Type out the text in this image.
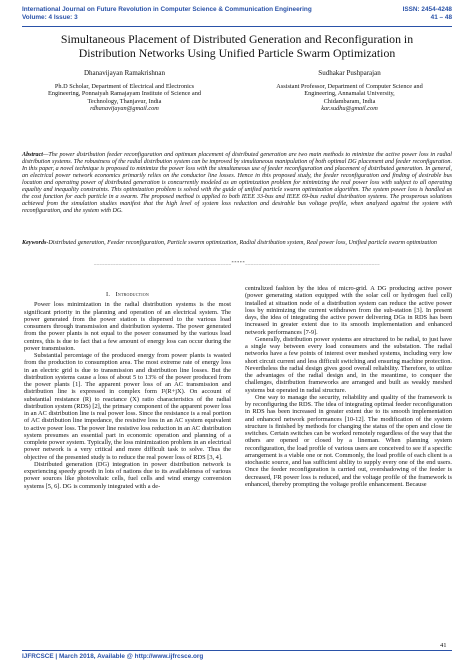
International Journal on Future Revolution in Computer Science & Communication Engineering
Volume: 4 Issue: 3
ISSN: 2454-4248
41 – 48
Simultaneous Placement of Distributed Generation and Reconfiguration in
Distribution Networks Using Unified Particle Swarm Optimization
Dhanavijayan Ramakrishnan
Ph.D Scholar, Department of Electrical and Electronics
Engineering, Ponnaiyah Ramajayam Institute of Science and
Technology, Thanjavur, India
rdhanavijayan@gmail.com
Sudhakar Pushparajan
Assistant Professor, Department of Computer Science and
Engineering, Annamalai University,
Chidambaram, India
kar.sudhu@gmail.com
Abstract—The power distribution feeder reconfiguration and optimum placement of distributed generation are two main methods to minimize the active power loss in radial distribution systems. The robustness of the radial distribution system can be improved by simultaneous manipulation of both optimal DG placement and feeder reconfiguration. In this paper, a novel technique is proposed to minimize the power loss with the simultaneous use of feeder reconfiguration and placement of distributed generation. In general, an electrical power network economics primarily relies on the conductor line losses. Hence in this proposed study, the feeder reconfiguration and finding of desirable bus location and operating power of distributed generation is concurrently modeled as an optimization problem for minimizing the real power loss with subject to all operating equality and inequality constraints. This optimization problem is solved with the guide of unified particle swarm optimization algorithm. The system power loss is handled as the cost function for each particle in a swarm. The proposed method is applied to both IEEE 33-bus and IEEE 69-bus radial distribution systems. The prosperous solutions achieved from the simulation studies manifest that the high level of system loss reduction and desirable bus voltage profile, when analyzed against the system with reconfiguration, and the system with DG.
Keywords-Distributed generation, Feeder reconfiguration, Particle swarm optimization, Radial distribution system, Real power loss, Unified particle swarm optimization
__________________________________________________*****_________________________________________________
I. Introduction

Power loss minimization in the radial distribution systems is the most significant priority in the planning and operation of an electrical system. The power generated from the power station is dispersed to the various load consumers through transmission and distribution systems. The power generated from the power plants is not equal to the power consumed by the various load centres, this is due to fact that a few amount of energy loss can occur during the power transmission.

Substantial percentage of the produced energy from power plants is wasted from the production to consumption area. The most extreme rate of energy loss in an electric grid is due to transmission and distribution line losses. But the distribution systems cause a loss of about 5 to 13% of the power produced from the power plants [1]. The apparent power loss of an AC transmission and distribution line is expressed in complex form I²(R+jX). On account of substantial resistance (R) to reactance (X) ratio characteristics of the radial distribution system (RDS) [2], the primary component of the apparent power loss in an AC distribution line is real power loss. Since the resistance is a real portion of AC distribution line impedance, the resistive loss in an AC system equivalent to active power loss. The power line resistive loss reduction in an AC distribution system presumes an essential part in economic operation and planning of a complete power system. Typically, the loss minimization problem in an electrical power network is a very critical and more difficult task to solve. Thus the objective of the presented study is to reduce the real power loss of RDS [3, 4].

Distributed generation (DG) integration in power distribution network is experiencing speedy growth in lots of nations due to its availableness of various power sources like photovoltaic cells, fuel cells and wind energy conversion systems [5, 6]. DG is commonly integrated with a de-

centralized fashion by the idea of micro-grid. A DG producing active power (power generating station equipped with the solar cell or hydrogen fuel cell) installed at situation node of a distribution system can reduce the active power loss by minimizing the current withdrawn from the sub-station [3]. In present days, the idea of integrating the active power delivering DGs in RDS has been increased in greater extent due to its smooth implementation and enhanced network performances [7-9].

Generally, distribution power systems are structured to be radial, to just have a single way between every load consumers and the substation. The radial networks have a few points of interest over meshed systems, including very low short circuit current and less difficult switching and ensuring machine protection. Nevertheless the radial design gives good overall reliability. Therefore, to utilize the advantages of the radial design and, in the meantime, to conquer the challenges, distribution frameworks are arranged and built as weakly meshed systems but operated in radial structure.

One way to manage the security, reliability and quality of the framework is by reconfiguring the RDS. The idea of integrating optimal feeder reconfiguration in RDS has been increased in greater extent due to its smooth implementation and enhanced network performances [10-12]. The modification of the system structure is finished by methods for changing the status of the open and close tie switches. Certain switches can be worked remotely regardless of the way that the others are opened or closed by a lineman. When planning system reconfiguration, the load profile of various users are conceived to see if a specific arrangement is a viable one or not. Commonly, the load profile of each client is a stochastic source, and has sufficient ability to supply every one of the end users. Once the feeder reconfiguration is carried out, overshadowing of the feeder is decreased, I²R power loss is reduced, and the voltage profile of the framework is enhanced, thereby prompting the voltage profile enhancement. Because

41
IJFRCSCE | March 2018, Available @ http://www.ijfrcsce.org
